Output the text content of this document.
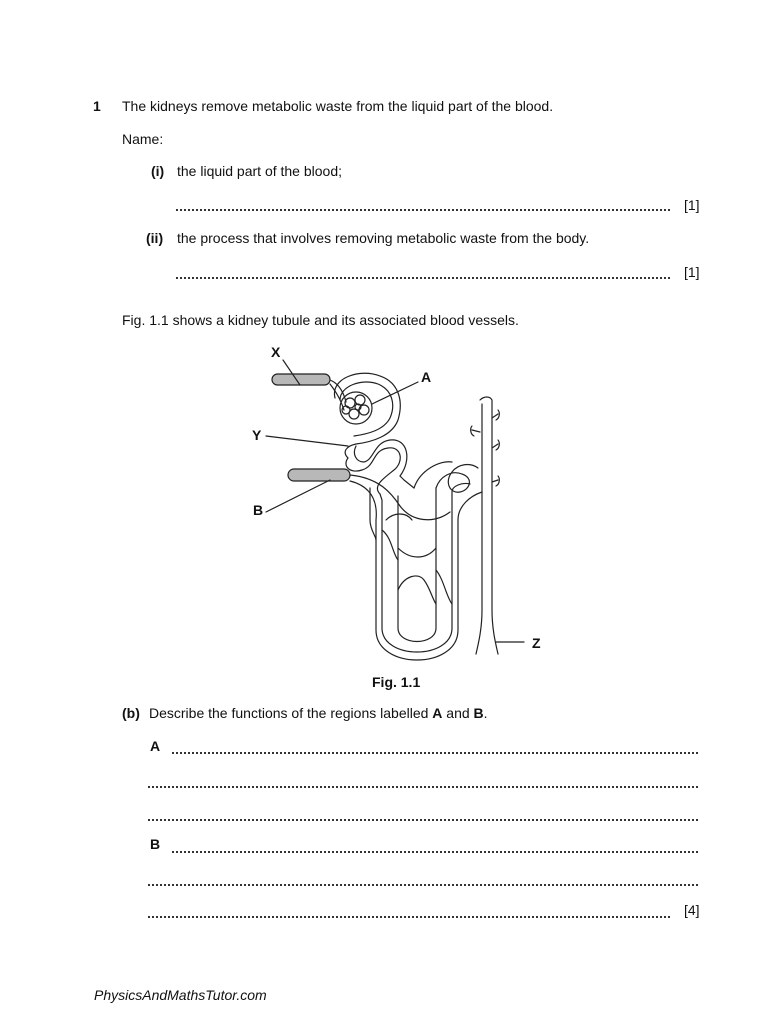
1 The kidneys remove metabolic waste from the liquid part of the blood.
Name:
(i) the liquid part of the blood;
[1]
(ii) the process that involves removing metabolic waste from the body.
[1]
Fig. 1.1 shows a kidney tubule and its associated blood vessels.
X
A
Y
B
Z
Fig. 1.1
(b) Describe the functions of the regions labelled A and B.
A
B
[4]
PhysicsAndMathsTutor.com
